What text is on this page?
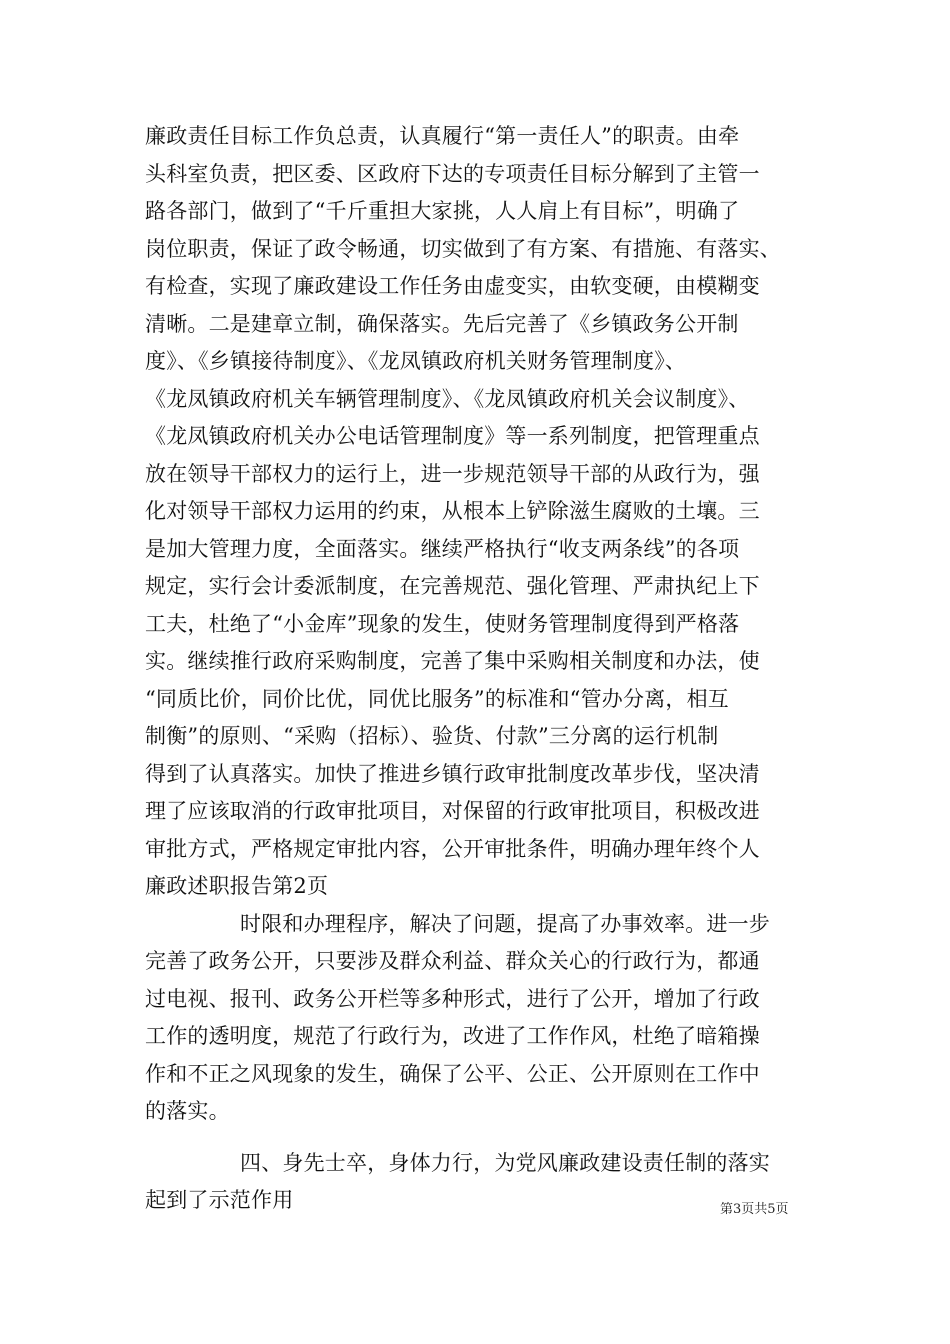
廉政责任目标工作负总责，认真履行“第一责任人”的职责。由牵
头科室负责，把区委、区政府下达的专项责任目标分解到了主管一
路各部门，做到了“千斤重担大家挑，人人肩上有目标”，明确了
岗位职责，保证了政令畅通，切实做到了有方案、有措施、有落实、
有检查，实现了廉政建设工作任务由虚变实，由软变硬，由模糊变
清晰。二是建章立制，确保落实。先后完善了《乡镇政务公开制
度》、《乡镇接待制度》、《龙凤镇政府机关财务管理制度》、
《龙凤镇政府机关车辆管理制度》、《龙凤镇政府机关会议制度》、
《龙凤镇政府机关办公电话管理制度》等一系列制度，把管理重点
放在领导干部权力的运行上，进一步规范领导干部的从政行为，强
化对领导干部权力运用的约束，从根本上铲除滋生腐败的土壤。三
是加大管理力度，全面落实。继续严格执行“收支两条线”的各项
规定，实行会计委派制度，在完善规范、强化管理、严肃执纪上下
工夫，杜绝了“小金库”现象的发生，使财务管理制度得到严格落
实。继续推行政府采购制度，完善了集中采购相关制度和办法，使
“同质比价，同价比优，同优比服务”的标准和“管办分离，相互
制衡”的原则、“采购（招标）、验货、付款”三分离的运行机制
得到了认真落实。加快了推进乡镇行政审批制度改革步伐，坚决清
理了应该取消的行政审批项目，对保留的行政审批项目，积极改进
审批方式，严格规定审批内容，公开审批条件，明确办理年终个人
廉政述职报告第2页
时限和办理程序，解决了问题，提高了办事效率。进一步
完善了政务公开，只要涉及群众利益、群众关心的行政行为，都通
过电视、报刊、政务公开栏等多种形式，进行了公开，增加了行政
工作的透明度，规范了行政行为，改进了工作作风，杜绝了暗箱操
作和不正之风现象的发生，确保了公平、公正、公开原则在工作中
的落实。
四、身先士卒，身体力行，为党风廉政建设责任制的落实
起到了示范作用	第3页共5页
